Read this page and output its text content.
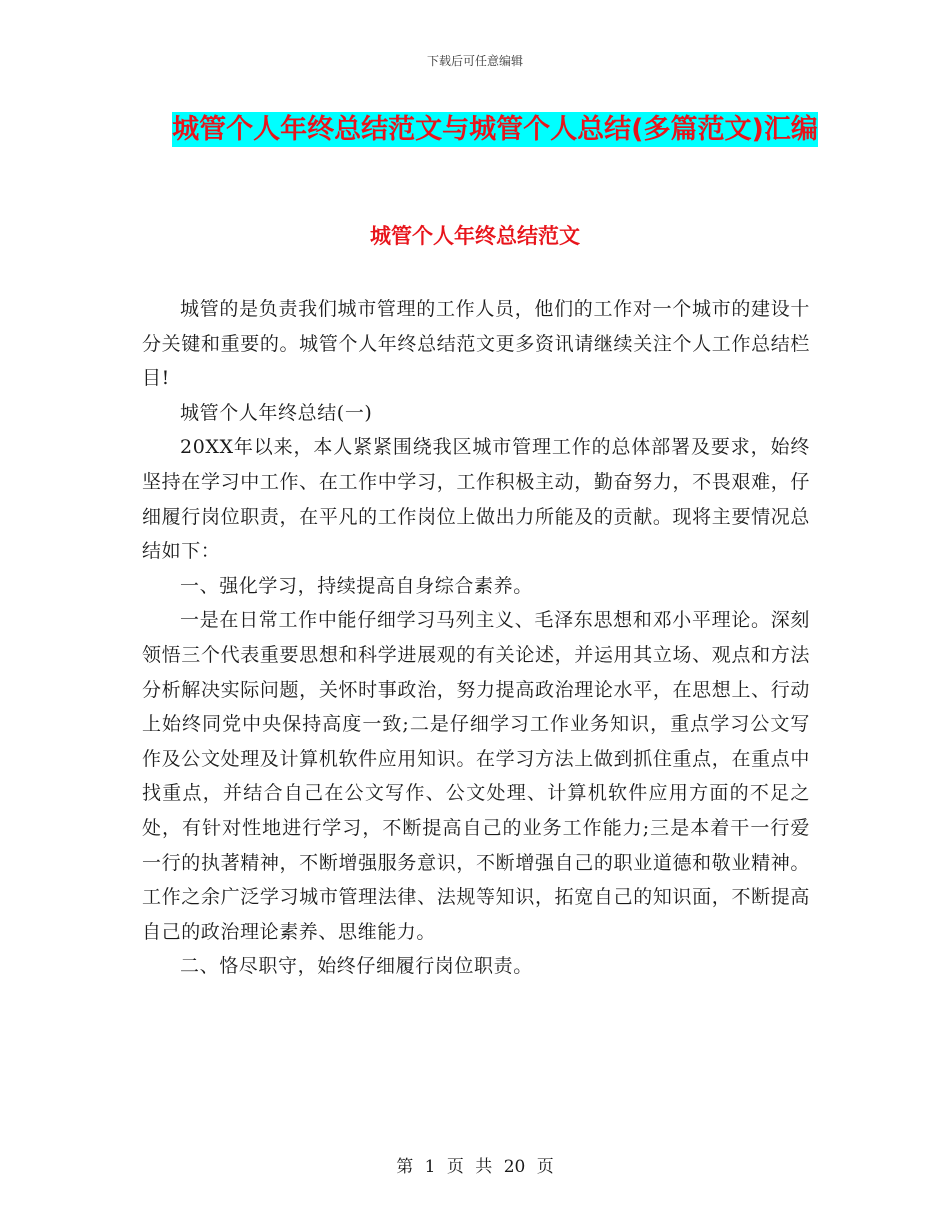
下载后可任意编辑
城管个人年终总结范文与城管个人总结(多篇范文)汇编
城管个人年终总结范文

城管的是负责我们城市管理的工作人员，他们的工作对一个城市的建设十分关键和重要的。城管个人年终总结范文更多资讯请继续关注个人工作总结栏目!

城管个人年终总结(一)

20XX年以来，本人紧紧围绕我区城市管理工作的总体部署及要求，始终坚持在学习中工作、在工作中学习，工作积极主动，勤奋努力，不畏艰难，仔细履行岗位职责，在平凡的工作岗位上做出力所能及的贡献。现将主要情况总结如下：

一、强化学习，持续提高自身综合素养。

一是在日常工作中能仔细学习马列主义、毛泽东思想和邓小平理论。深刻领悟三个代表重要思想和科学进展观的有关论述，并运用其立场、观点和方法分析解决实际问题，关怀时事政治，努力提高政治理论水平，在思想上、行动上始终同党中央保持高度一致;二是仔细学习工作业务知识，重点学习公文写作及公文处理及计算机软件应用知识。在学习方法上做到抓住重点，在重点中找重点，并结合自己在公文写作、公文处理、计算机软件应用方面的不足之处，有针对性地进行学习，不断提高自己的业务工作能力;三是本着干一行爱一行的执著精神，不断增强服务意识，不断增强自己的职业道德和敬业精神。工作之余广泛学习城市管理法律、法规等知识，拓宽自己的知识面，不断提高自己的政治理论素养、思维能力。

二、恪尽职守，始终仔细履行岗位职责。

第 1 页 共 20 页
